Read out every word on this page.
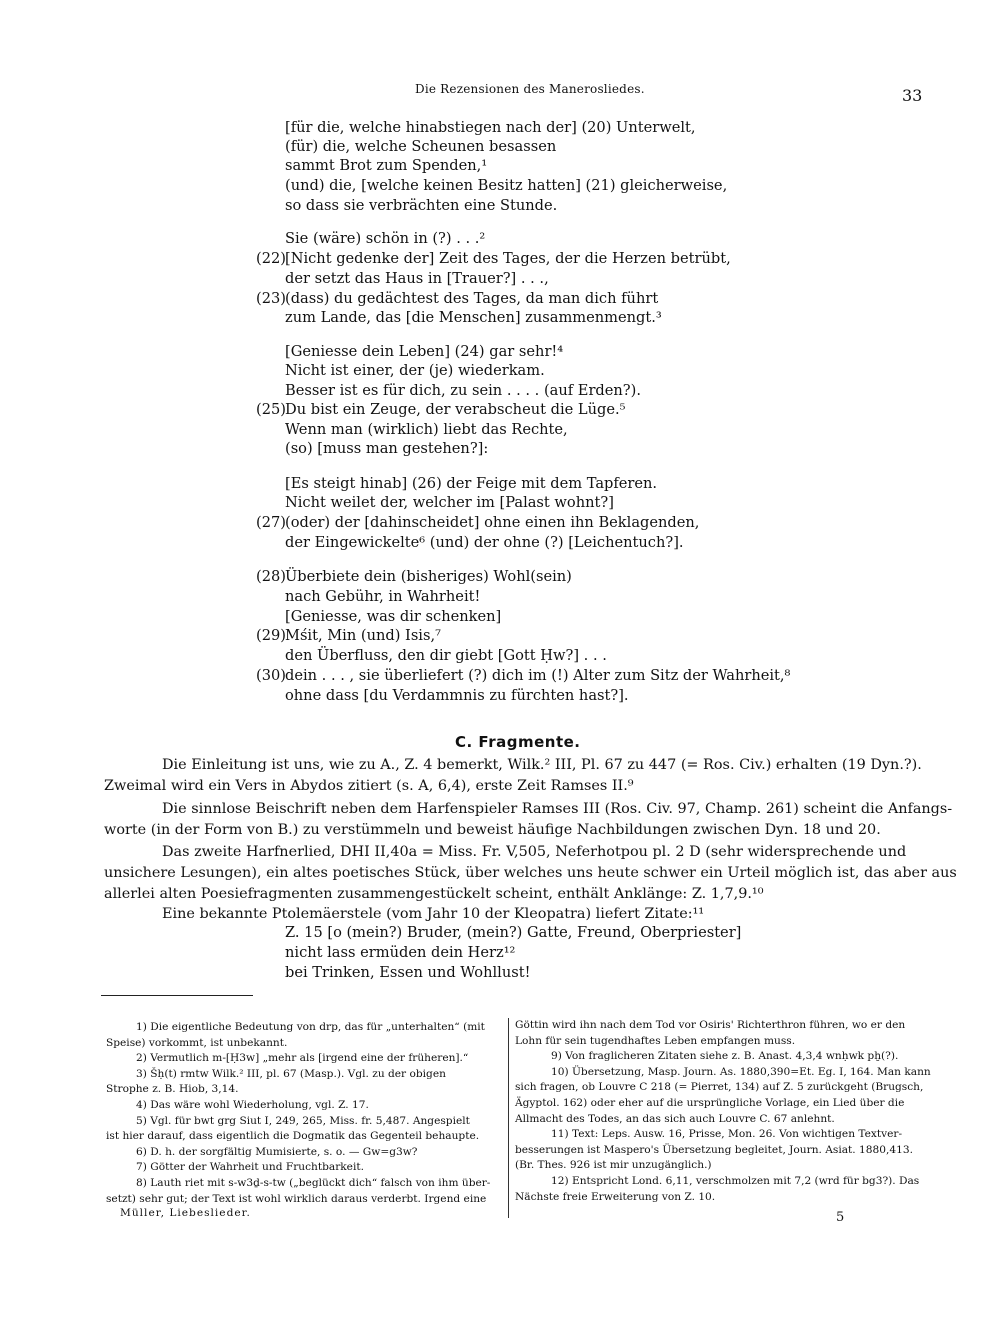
Die Rezensionen des Manerosliedes.	33
[für die, welche hinabstiegen nach der] (20) Unterwelt,
(für) die, welche Scheunen besassen
sammt Brot zum Spenden,¹
(und) die, [welche keinen Besitz hatten] (21) gleicherweise,
so dass sie verbrächten eine Stunde.
Sie (wäre) schön in (?) . . .²
(22) [Nicht gedenke der] Zeit des Tages, der die Herzen betrübt,
der setzt das Haus in [Trauer?] . . .,
(23) (dass) du gedächtest des Tages, da man dich führt
zum Lande, das [die Menschen] zusammenmengt.³
[Geniesse dein Leben] (24) gar sehr!⁴
Nicht ist einer, der (je) wiederkam.
Besser ist es für dich, zu sein . . . . (auf Erden?).
(25) Du bist ein Zeuge, der verabscheut die Lüge.⁵
Wenn man (wirklich) liebt das Rechte,
(so) [muss man gestehen?]:
[Es steigt hinab] (26) der Feige mit dem Tapferen.
Nicht weilet der, welcher im [Palast wohnt?]
(27) (oder) der [dahinscheidet] ohne einen ihn Beklagenden,
der Eingewickelte⁶ (und) der ohne (?) [Leichentuch?].
(28) Überbiete dein (bisheriges) Wohl(sein)
nach Gebühr, in Wahrheit!
[Geniesse, was dir schenken]
(29) Mśit, Min (und) Isis,⁷
den Überfluss, den dir giebt [Gott Ḥw?] . . .
(30) dein . . . , sie überliefert (?) dich im (!) Alter zum Sitz der Wahrheit,⁸
ohne dass [du Verdammnis zu fürchten hast?].
C. Fragmente.
Die Einleitung ist uns, wie zu A., Z. 4 bemerkt, Wilk.² III, Pl. 67 zu 447 (= Ros. Civ.) erhalten (19 Dyn.?).
Zweimal wird ein Vers in Abydos zitiert (s. A, 6,4), erste Zeit Ramses II.⁹
Die sinnlose Beischrift neben dem Harfenspieler Ramses III (Ros. Civ. 97, Champ. 261) scheint die Anfangs-
worte (in der Form von B.) zu verstümmeln und beweist häufige Nachbildungen zwischen Dyn. 18 und 20.
Das zweite Harfnerlied, DHI II,40a = Miss. Fr. V,505, Neferhotpou pl. 2 D (sehr widersprechende und
unsichere Lesungen), ein altes poetisches Stück, über welches uns heute schwer ein Urteil möglich ist, das aber aus
allerlei alten Poesiefragmenten zusammengestückelt scheint, enthält Anklänge: Z. 1,7,9.¹⁰
Eine bekannte Ptolemäerstele (vom Jahr 10 der Kleopatra) liefert Zitate:¹¹
Z. 15 [o (mein?) Bruder, (mein?) Gatte, Freund, Oberpriester]
nicht lass ermüden dein Herz¹²
bei Trinken, Essen und Wohllust!
1) Die eigentliche Bedeutung von drp, das für „unterhalten“ (mit
Speise) vorkommt, ist unbekannt.
2) Vermutlich m-[Ḥ3w] „mehr als [irgend eine der früheren].“
3) Šḥ(t) rmtw Wilk.² III, pl. 67 (Masp.). Vgl. zu der obigen
Strophe z. B. Hiob, 3,14.
4) Das wäre wohl Wiederholung, vgl. Z. 17.
5) Vgl. für bwt grg Siut I, 249, 265, Miss. fr. 5,487. Angespielt
ist hier darauf, dass eigentlich die Dogmatik das Gegenteil behaupte.
6) D. h. der sorgfältig Mumisierte, s. o. — Gw=g3w?
7) Götter der Wahrheit und Fruchtbarkeit.
8) Lauth riet mit s-w3ḏ-s-tw („beglückt dich“ falsch von ihm über-
setzt) sehr gut; der Text ist wohl wirklich daraus verderbt. Irgend eine
Göttin wird ihn nach dem Tod vor Osiris' Richterthron führen, wo er den
Lohn für sein tugendhaftes Leben empfangen muss.
9) Von fraglicheren Zitaten siehe z. B. Anast. 4,3,4 wnḥwk pḫ(?).
10) Übersetzung, Masp. Journ. As. 1880,390=Et. Eg. I, 164. Man kann
sich fragen, ob Louvre C 218 (= Pierret, 134) auf Z. 5 zurückgeht (Brugsch,
Ägyptol. 162) oder eher auf die ursprüngliche Vorlage, ein Lied über die
Allmacht des Todes, an das sich auch Louvre C. 67 anlehnt.
11) Text: Leps. Ausw. 16, Prisse, Mon. 26. Von wichtigen Textver-
besserungen ist Maspero's Übersetzung begleitet, Journ. Asiat. 1880,413.
(Br. Thes. 926 ist mir unzugänglich.)
12) Entspricht Lond. 6,11, verschmolzen mit 7,2 (wrd für bg3?). Das
Nächste freie Erweiterung von Z. 10.
Müller, Liebeslieder.	5
